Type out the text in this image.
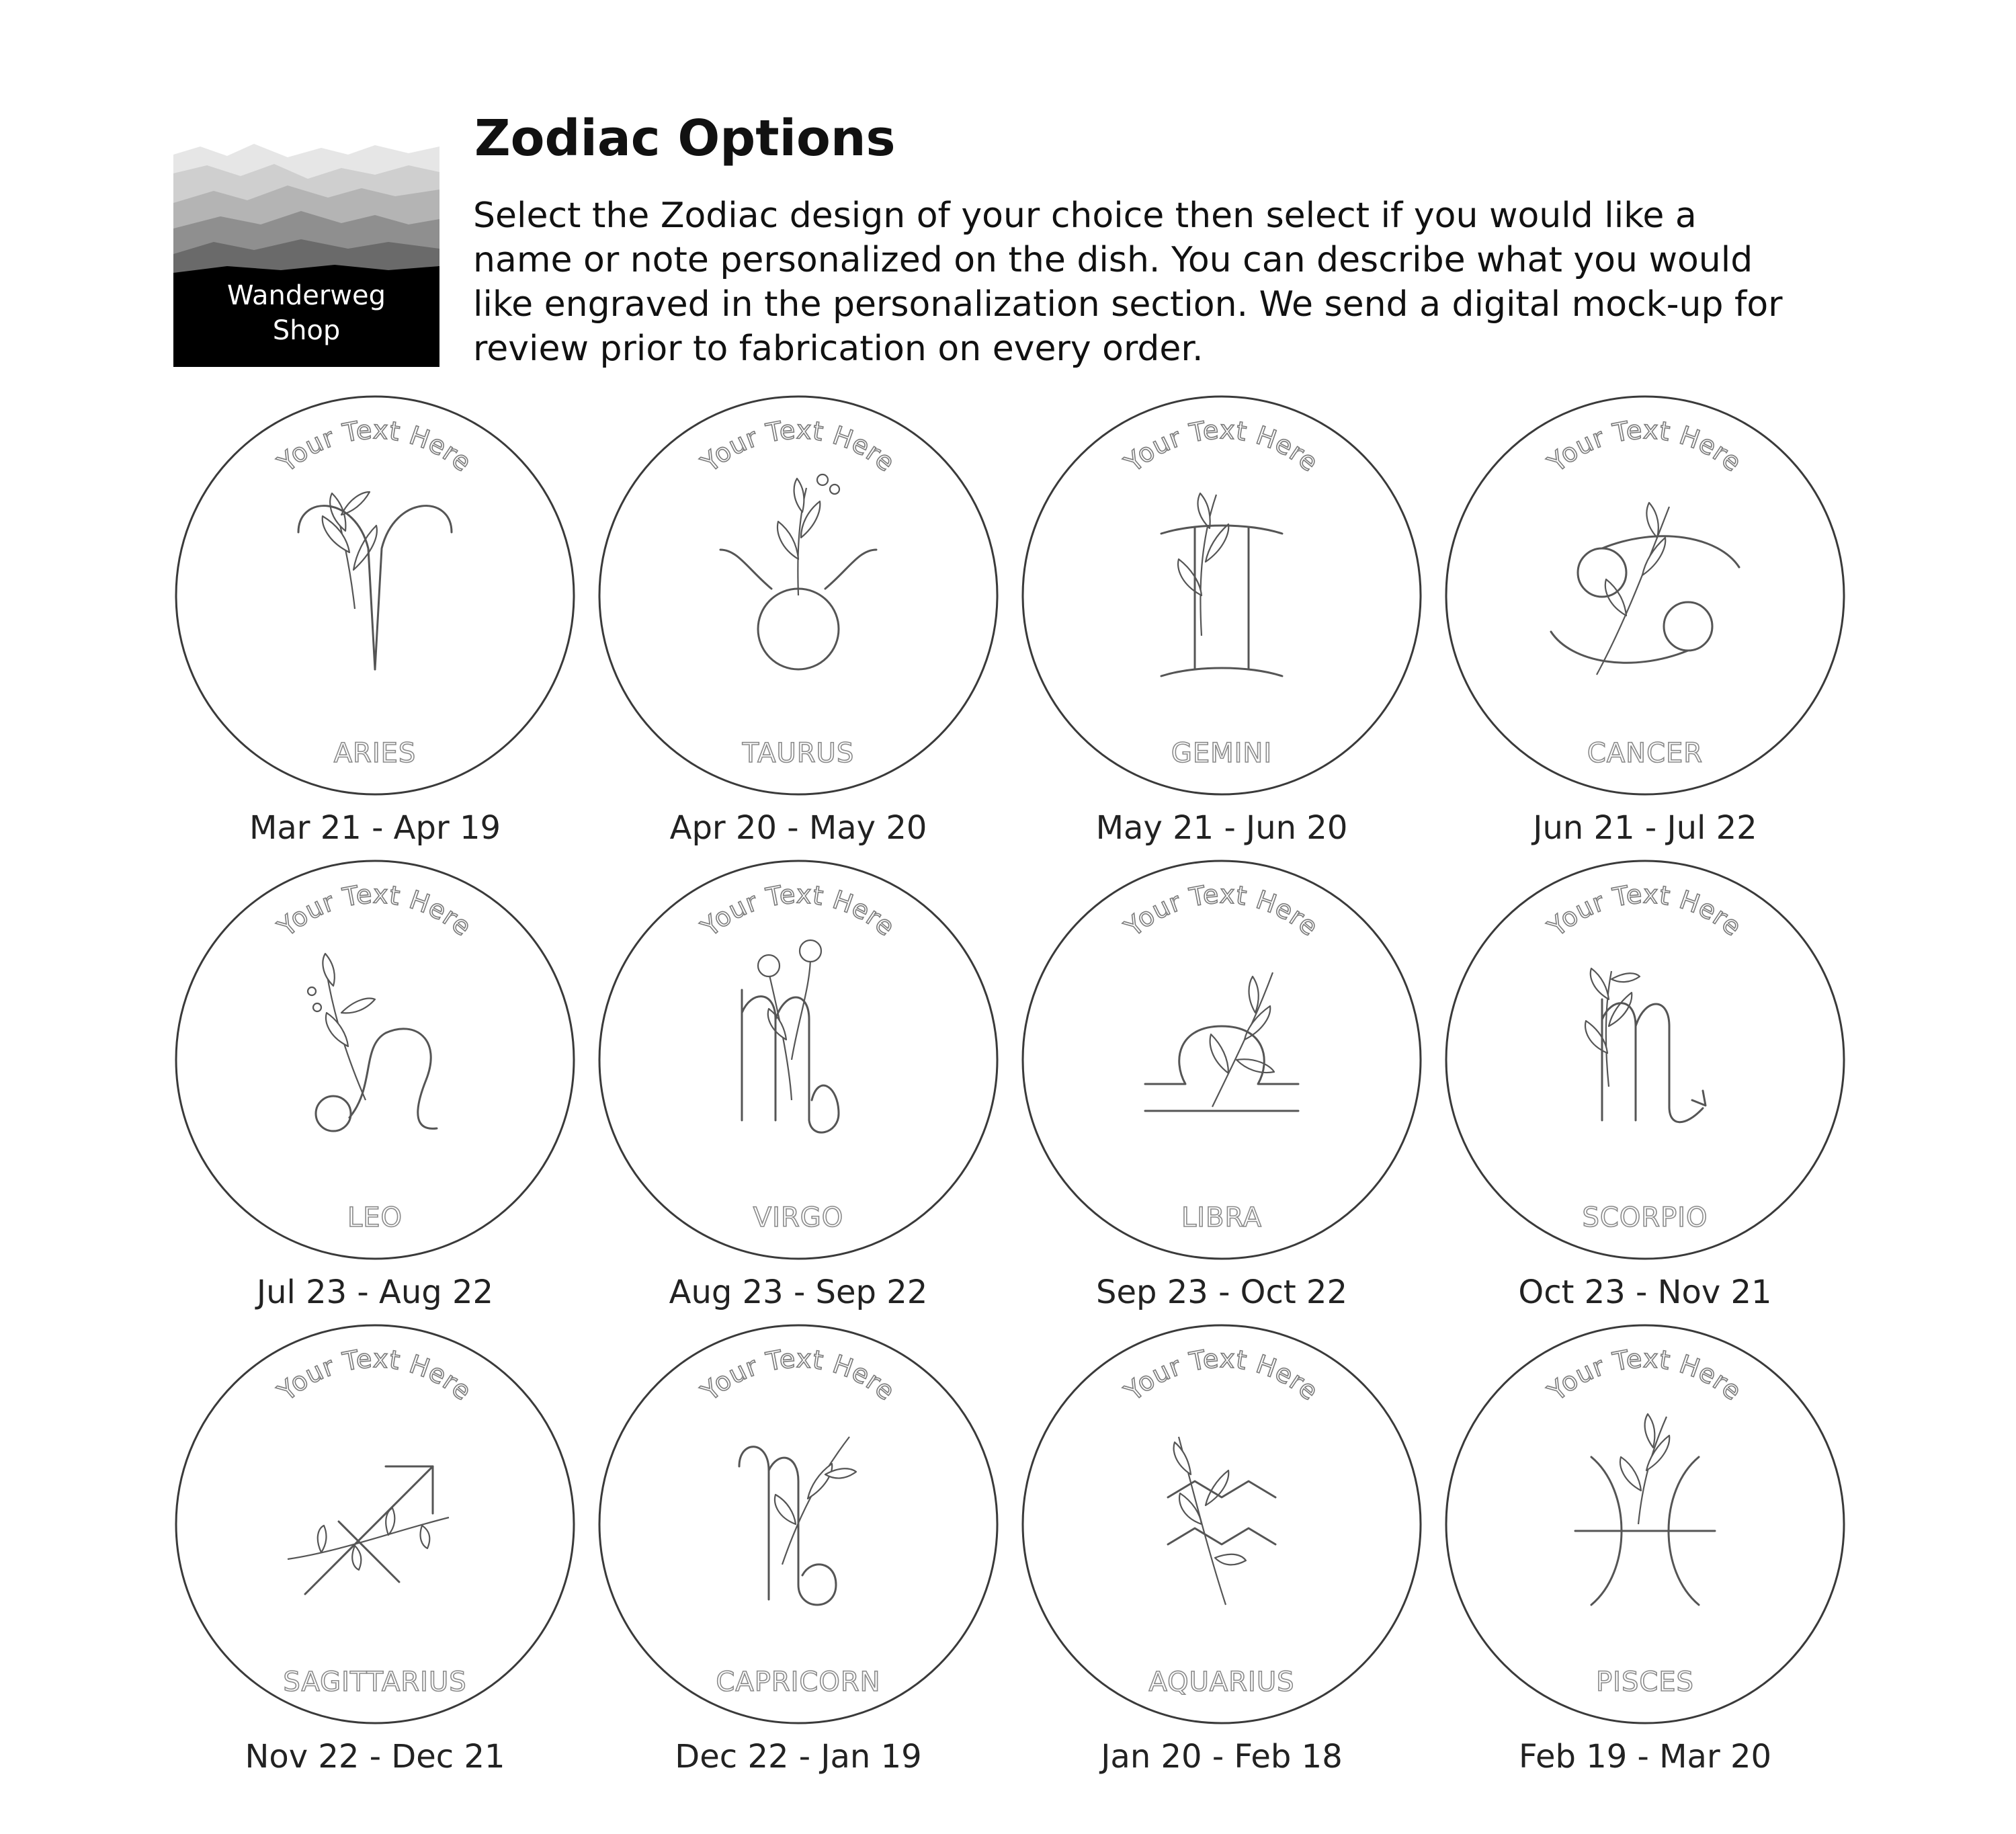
Wanderweg
Shop
Zodiac Options

Select the Zodiac design of your choice then select if you would like a
name or note personalized on the dish. You can describe what you would
like engraved in the personalization section. We send a digital mock-up for
review prior to fabrication on every order.

Your Text Here
ARIES
Mar 21 - Apr 19
Your Text Here
TAURUS
Apr 20 - May 20
Your Text Here
GEMINI
May 21 - Jun 20
Your Text Here
CANCER
Jun 21 - Jul 22
Your Text Here
LEO
Jul 23 - Aug 22
Your Text Here
VIRGO
Aug 23 - Sep 22
Your Text Here
LIBRA
Sep 23 - Oct 22
Your Text Here
SCORPIO
Oct 23 - Nov 21
Your Text Here
SAGITTARIUS
Nov 22 - Dec 21
Your Text Here
CAPRICORN
Dec 22 - Jan 19
Your Text Here
AQUARIUS
Jan 20 - Feb 18
Your Text Here
PISCES
Feb 19 - Mar 20
